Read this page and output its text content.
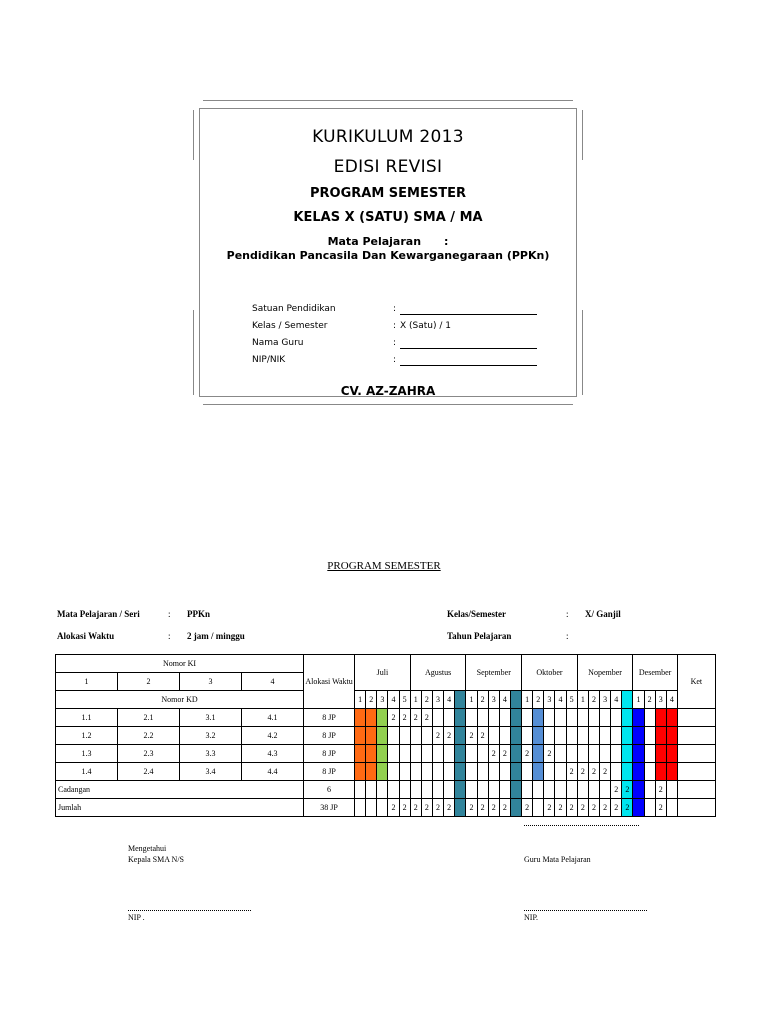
KURIKULUM 2013
EDISI REVISI
PROGRAM SEMESTER
KELAS X (SATU) SMA / MA
Mata Pelajaran      :
Pendidikan Pancasila Dan Kewarganegaraan (PPKn)
Satuan Pendidikan	:
Kelas / Semester	: X (Satu) / 1
Nama Guru	:
NIP/NIK	:
CV. AZ-ZAHRA
PROGRAM SEMESTER
Mata Pelajaran / Seri	: PPKn	Kelas/Semester	: X/ Ganjil
Alokasi Waktu	: 2 jam / minggu	Tahun Pelajaran	:
Nomor KI				Alokasi Waktu	Juli					Agustus					September					Oktober					Nopember					Desember				Ket
1	2	3	4																															
Nomor KD					1	2	3	4	5	1	2	3	4		1	2	3	4		1	2	3	4	5	1	2	3	4		1	2	3	4	
1.1	2.1	3.1	4.1	8 JP				2	2	2	2																							
1.2	2.2	3.2	4.2	8 JP								2	2		2	2																		
1.3	2.3	3.3	4.3	8 JP													2	2		2		2												
1.4	2.4	3.4	4.4	8 JP																				2	2	2	2							
Cadangan				6																								2	2			2		
Jumlah				38 JP				2	2	2	2	2	2		2	2	2	2		2		2	2	2	2	2	2	2	2			2		
Mengetahui
Kepala SMA N/S	Guru Mata Pelajaran
NIP .	NIP.
